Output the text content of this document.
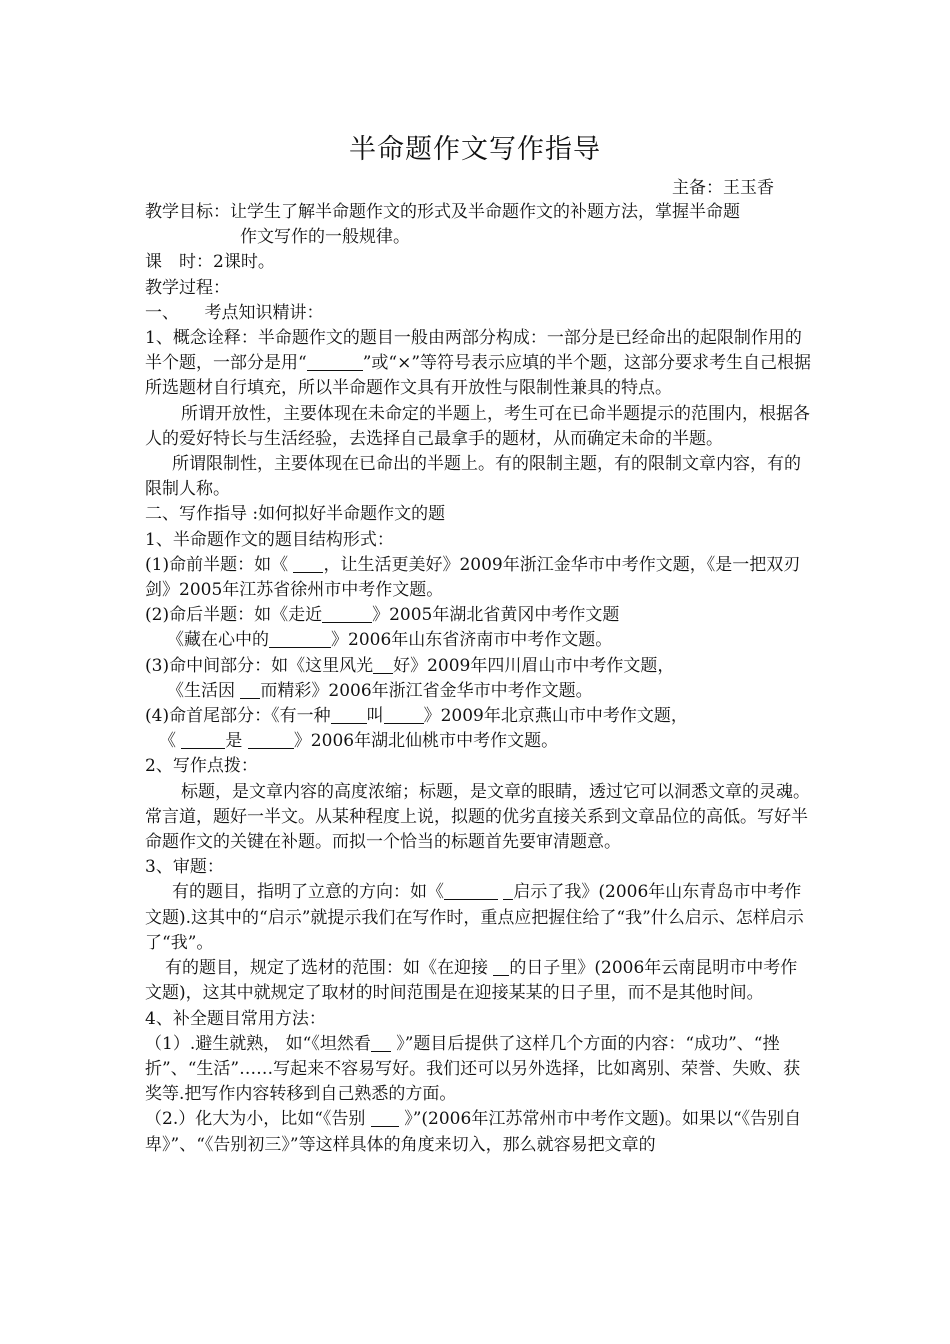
半命题作文写作指导
主备：王玉香

教学目标：让学生了解半命题作文的形式及半命题作文的补题方法，掌握半命题

作文写作的一般规律。

课　时：2课时。

教学过程：

一、　　考点知识精讲：

1、概念诠释：半命题作文的题目一般由两部分构成：一部分是已经命出的起限制作用的半个题，一部分是用“	”或“×”等符号表示应填的半个题，这部分要求考生自己根据所选题材自行填充，所以半命题作文具有开放性与限制性兼具的特点。

所谓开放性，主要体现在未命定的半题上，考生可在已命半题提示的范围内，根据各人的爱好特长与生活经验，去选择自己最拿手的题材，从而确定未命的半题。

所谓限制性，主要体现在已命出的半题上。有的限制主题，有的限制文章内容，有的限制人称。

二、写作指导 :如何拟好半命题作文的题

1、半命题作文的题目结构形式：

(1)命前半题：如《 ，让生活更美好》2009年浙江金华市中考作文题，《是一把双刃剑》2005年江苏省徐州市中考作文题。

(2)命后半题：如《走近	》2005年湖北省黄冈中考作文题

《藏在心中的	》2006年山东省济南市中考作文题。

(3)命中间部分：如《这里风光 好》2009年四川眉山市中考作文题，

《生活因 而精彩》2006年浙江省金华市中考作文题。

(4)命首尾部分：《有一种 叫 》2009年北京燕山市中考作文题，

《	是	》2006年湖北仙桃市中考作文题。

2、写作点拨：

标题，是文章内容的高度浓缩；标题，是文章的眼睛，透过它可以洞悉文章的灵魂。常言道，题好一半文。从某种程度上说，拟题的优劣直接关系到文章品位的高低。写好半命题作文的关键在补题。而拟一个恰当的标题首先要审清题意。

3、审题：

有的题目，指明了立意的方向：如《	启示了我》(2006年山东青岛市中考作文题).这其中的“启示”就提示我们在写作时，重点应把握住给了“我”什么启示、怎样启示了“我”。

有的题目，规定了选材的范围：如《在迎接 的日子里》(2006年云南昆明市中考作文题)，这其中就规定了取材的时间范围是在迎接某某的日子里，而不是其他时间。

4、补全题目常用方法：

（1）.避生就熟， 如“《坦然看 》”题目后提供了这样几个方面的内容：“成功”、“挫折”、“生活”……写起来不容易写好。我们还可以另外选择，比如离别、荣誉、失败、获奖等.把写作内容转移到自己熟悉的方面。

（2.）化大为小，比如“《告别  》”(2006年江苏常州市中考作文题)。如果以“《告别自卑》”、“《告别初三》”等这样具体的角度来切入，那么就容易把文章的
